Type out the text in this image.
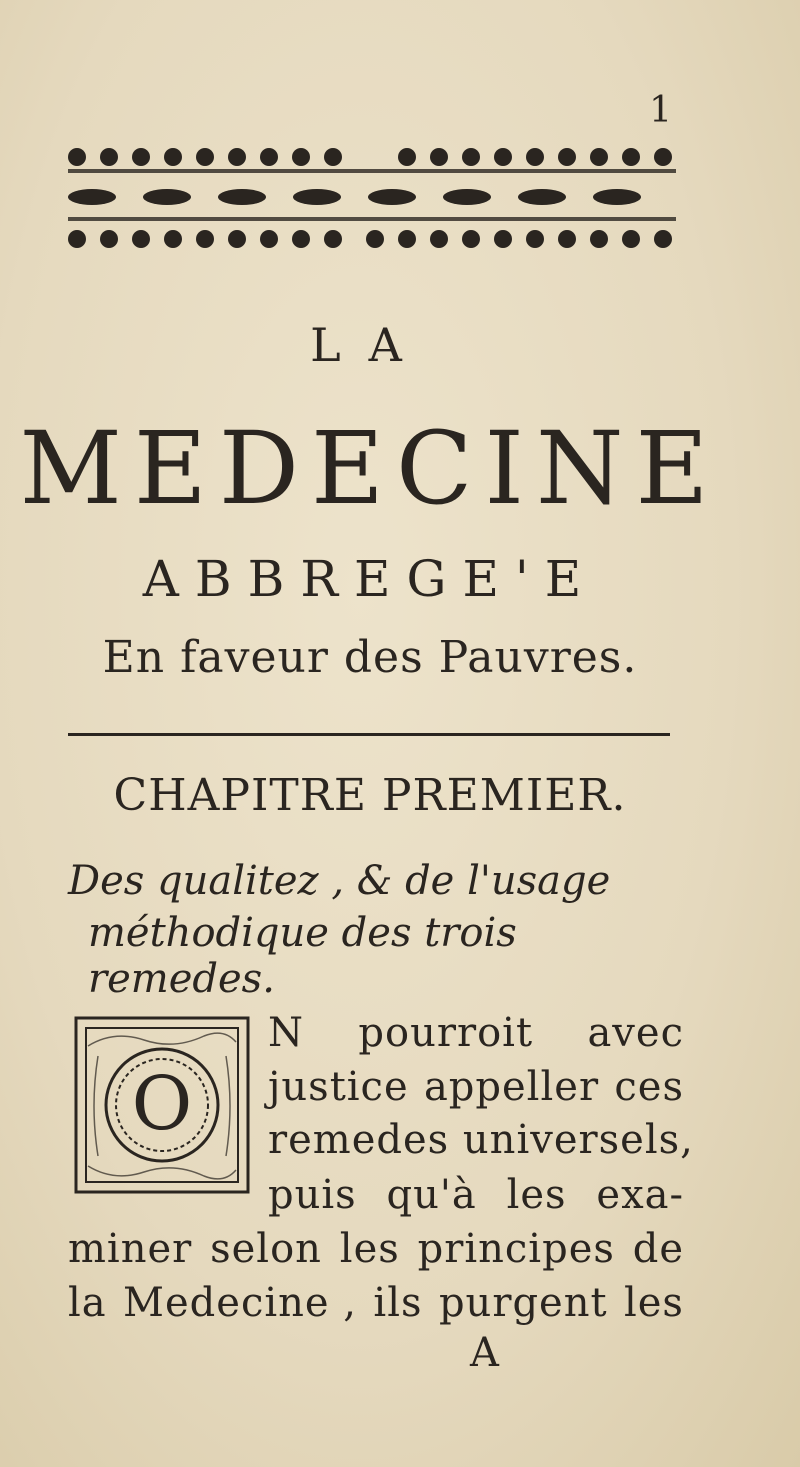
1
LA
MEDECINE
ABBREGE'E
En faveur des Pauvres.
CHAPITRE PREMIER.
Des qualitez , & de l'usage
méthodique des trois remedes.
O
N pourroit avec
justice appeller ces
remedes universels,
puis qu'à les exa-
miner selon les principes de
la Medecine , ils purgent les
A
